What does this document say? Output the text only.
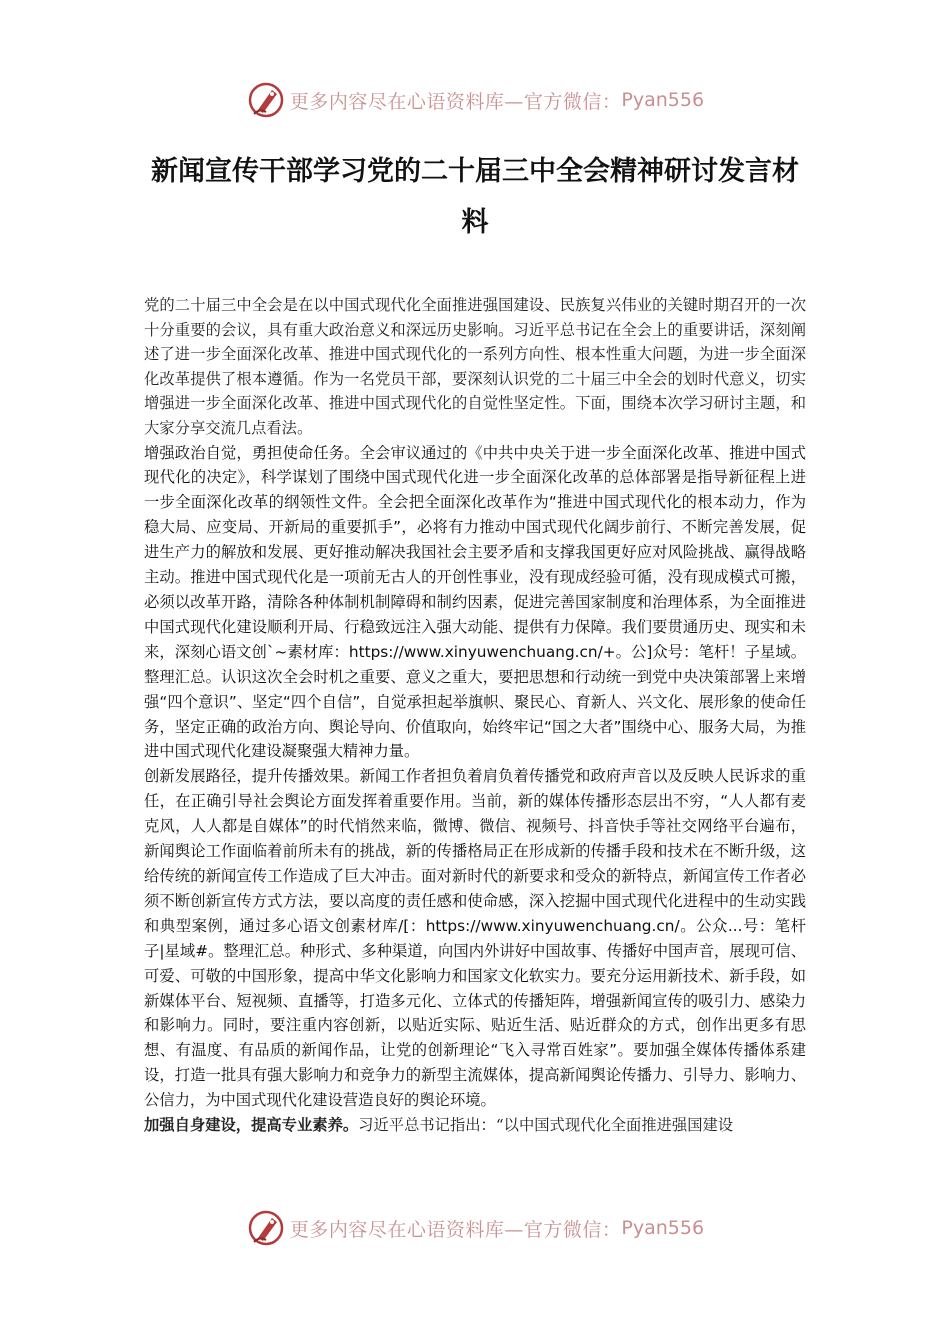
更多内容尽在心语资料库—官方微信： Pyan556
新闻宣传干部学习党的二十届三中全会精神研讨发言材料

党的二十届三中全会是在以中国式现代化全面推进强国建设、民族复兴伟业的关键时期召开的一次十分重要的会议，具有重大政治意义和深远历史影响。习近平总书记在全会上的重要讲话，深刻阐述了进一步全面深化改革、推进中国式现代化的一系列方向性、根本性重大问题，为进一步全面深化改革提供了根本遵循。作为一名党员干部，要深刻认识党的二十届三中全会的划时代意义，切实增强进一步全面深化改革、推进中国式现代化的自觉性坚定性。下面，围绕本次学习研讨主题，和大家分享交流几点看法。

增强政治自觉，勇担使命任务。全会审议通过的《中共中央关于进一步全面深化改革、推进中国式现代化的决定》，科学谋划了围绕中国式现代化进一步全面深化改革的总体部署是指导新征程上进一步全面深化改革的纲领性文件。全会把全面深化改革作为“推进中国式现代化的根本动力，作为稳大局、应变局、开新局的重要抓手”，必将有力推动中国式现代化阔步前行、不断完善发展，促进生产力的解放和发展、更好推动解决我国社会主要矛盾和支撑我国更好应对风险挑战、赢得战略主动。推进中国式现代化是一项前无古人的开创性事业，没有现成经验可循，没有现成模式可搬，必须以改革开路，清除各种体制机制障碍和制约因素，促进完善国家制度和治理体系，为全面推进中国式现代化建设顺利开局、行稳致远注入强大动能、提供有力保障。我们要贯通历史、现实和未来，深刻心语文创`~素材库：https://www.xinyuwenchuang.cn/+。公]众号：笔杆！子星域。整理汇总。认识这次全会时机之重要、意义之重大，要把思想和行动统一到党中央决策部署上来增强“四个意识”、坚定“四个自信”，自觉承担起举旗帜、聚民心、育新人、兴文化、展形象的使命任务，坚定正确的政治方向、舆论导向、价值取向，始终牢记“国之大者”围绕中心、服务大局，为推进中国式现代化建设凝聚强大精神力量。

创新发展路径，提升传播效果。新闻工作者担负着肩负着传播党和政府声音以及反映人民诉求的重任，在正确引导社会舆论方面发挥着重要作用。当前，新的媒体传播形态层出不穷，“人人都有麦克风，人人都是自媒体”的时代悄然来临，微博、微信、视频号、抖音快手等社交网络平台遍布，新闻舆论工作面临着前所未有的挑战，新的传播格局正在形成新的传播手段和技术在不断升级，这给传统的新闻宣传工作造成了巨大冲击。面对新时代的新要求和受众的新特点，新闻宣传工作者必须不断创新宣传方式方法，要以高度的责任感和使命感，深入挖掘中国式现代化进程中的生动实践和典型案例，通过多心语文创素材库/[：https://www.xinyuwenchuang.cn/。公众...号：笔杆子|星域#。整理汇总。种形式、多种渠道，向国内外讲好中国故事、传播好中国声音，展现可信、可爱、可敬的中国形象，提高中华文化影响力和国家文化软实力。要充分运用新技术、新手段，如新媒体平台、短视频、直播等，打造多元化、立体式的传播矩阵，增强新闻宣传的吸引力、感染力和影响力。同时，要注重内容创新，以贴近实际、贴近生活、贴近群众的方式，创作出更多有思想、有温度、有品质的新闻作品，让党的创新理论“飞入寻常百姓家”。要加强全媒体传播体系建设，打造一批具有强大影响力和竞争力的新型主流媒体，提高新闻舆论传播力、引导力、影响力、公信力，为中国式现代化建设营造良好的舆论环境。

加强自身建设，提高专业素养。习近平总书记指出：“以中国式现代化全面推进强国建设

更多内容尽在心语资料库—官方微信： Pyan556
